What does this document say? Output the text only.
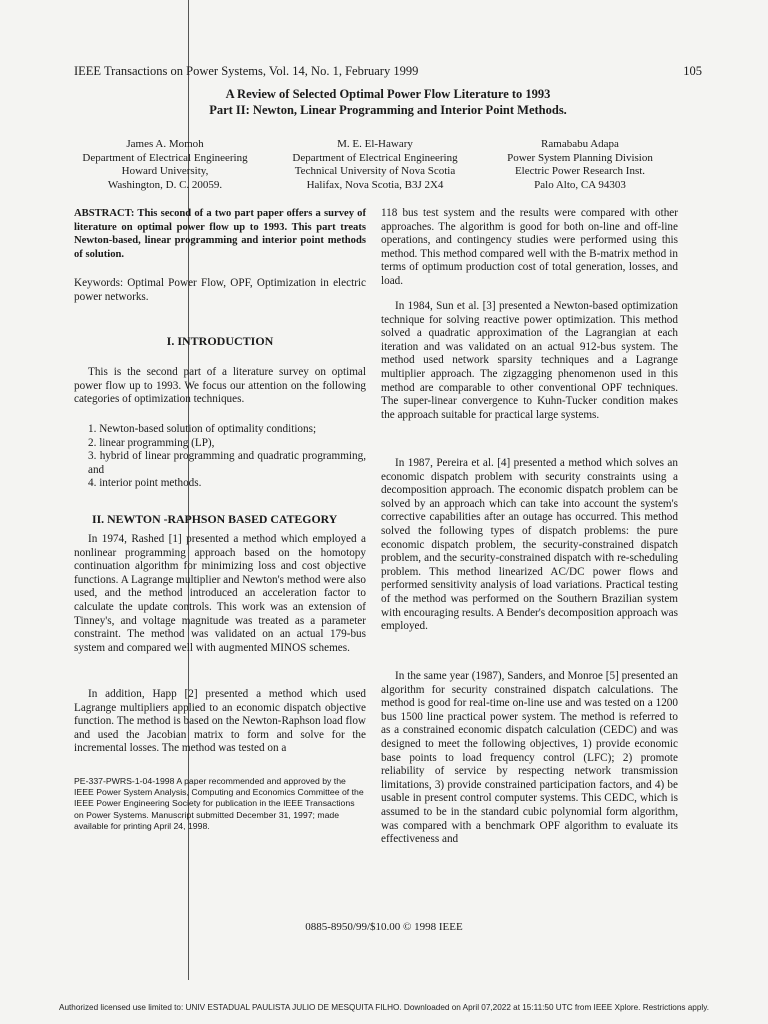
IEEE Transactions on Power Systems, Vol. 14, No. 1, February 1999	105
A Review of Selected Optimal Power Flow Literature to 1993
Part II: Newton, Linear Programming and Interior Point Methods.
James A. Momoh
Department of Electrical Engineering
Howard University,
Washington, D. C. 20059.
M. E. El-Hawary
Department of Electrical Engineering
Technical University of Nova Scotia
Halifax, Nova Scotia, B3J 2X4
Ramababu Adapa
Power System Planning Division
Electric Power Research Inst.
Palo Alto, CA 94303

ABSTRACT: This second of a two part paper offers a survey of literature on optimal power flow up to 1993. This part treats Newton-based, linear programming and interior point methods of solution.

Keywords: Optimal Power Flow, OPF, Optimization in electric power networks.

I. INTRODUCTION

This is the second part of a literature survey on optimal power flow up to 1993. We focus our attention on the following categories of optimization techniques.

1. Newton-based solution of optimality conditions;
2. linear programming (LP),
3. hybrid of linear programming and quadratic programming, and
4. interior point methods.
II. NEWTON -RAPHSON BASED CATEGORY

In 1974, Rashed [1] presented a method which employed a nonlinear programming approach based on the homotopy continuation algorithm for minimizing loss and cost objective functions. A Lagrange multiplier and Newton's method were also used, and the method introduced an acceleration factor to calculate the update controls. This work was an extension of Tinney's, and voltage magnitude was treated as a parameter constraint. The method was validated on an actual 179-bus system and compared well with augmented MINOS schemes.

In addition, Happ [2] presented a method which used Lagrange multipliers applied to an economic dispatch objective function. The method is based on the Newton-Raphson load flow and used the Jacobian matrix to form and solve for the incremental losses. The method was tested on a

PE-337-PWRS-1-04-1998 A paper recommended and approved by the IEEE Power System Analysis, Computing and Economics Committee of the IEEE Power Engineering Society for publication in the IEEE Transactions on Power Systems. Manuscript submitted December 31, 1997; made available for printing April 24, 1998.

118 bus test system and the results were compared with other approaches. The algorithm is good for both on-line and off-line operations, and contingency studies were performed using this method. This method compared well with the B-matrix method in terms of optimum production cost of total generation, losses, and load.

In 1984, Sun et al. [3] presented a Newton-based optimization technique for solving reactive power optimization. This method solved a quadratic approximation of the Lagrangian at each iteration and was validated on an actual 912-bus system. The method used network sparsity techniques and a Lagrange multiplier approach. The zigzagging phenomenon used in this method are comparable to other conventional OPF techniques. The super-linear convergence to Kuhn-Tucker condition makes the approach suitable for practical large systems.

In 1987, Pereira et al. [4] presented a method which solves an economic dispatch problem with security constraints using a decomposition approach. The economic dispatch problem can be solved by an approach which can take into account the system's corrective capabilities after an outage has occurred. This method solved the following types of dispatch problems: the pure economic dispatch problem, the security-constrained dispatch problem, and the security-constrained dispatch with re-scheduling problem. This method linearized AC/DC power flows and performed sensitivity analysis of load variations. Practical testing of the method was performed on the Southern Brazilian system with encouraging results. A Bender's decomposition approach was employed.

In the same year (1987), Sanders, and Monroe [5] presented an algorithm for security constrained dispatch calculations. The method is good for real-time on-line use and was tested on a 1200 bus 1500 line practical power system. The method is referred to as a constrained economic dispatch calculation (CEDC) and was designed to meet the following objectives, 1) provide economic base points to load frequency control (LFC); 2) promote reliability of service by respecting network transmission limitations, 3) provide constrained participation factors, and 4) be usable in present control computer systems. This CEDC, which is assumed to be in the standard cubic polynomial form algorithm, was compared with a benchmark OPF algorithm to evaluate its effectiveness and

0885-8950/99/$10.00 © 1998 IEEE
Authorized licensed use limited to: UNIV ESTADUAL PAULISTA JULIO DE MESQUITA FILHO. Downloaded on April 07,2022 at 15:11:50 UTC from IEEE Xplore. Restrictions apply.
